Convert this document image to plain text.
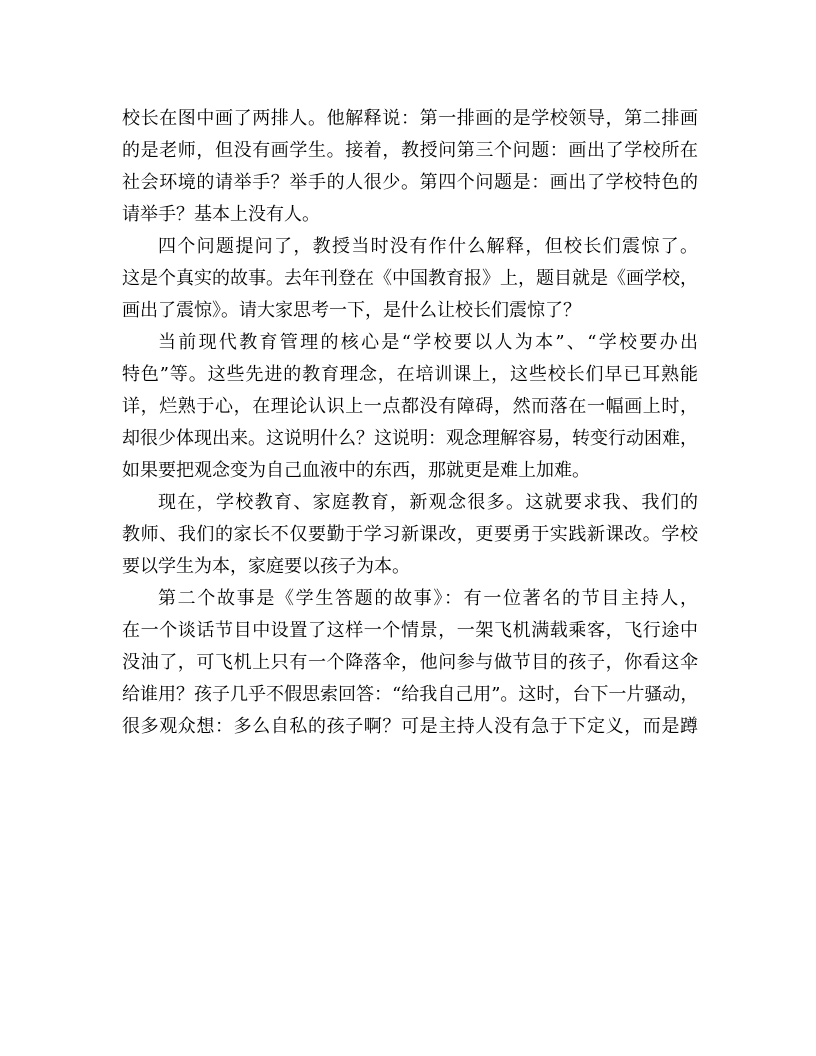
校长在图中画了两排人。他解释说：第一排画的是学校领导，第二排画
的是老师，但没有画学生。接着，教授问第三个问题：画出了学校所在
社会环境的请举手？举手的人很少。第四个问题是：画出了学校特色的
请举手？基本上没有人。
四个问题提问了，教授当时没有作什么解释，但校长们震惊了。
这是个真实的故事。去年刊登在《中国教育报》上，题目就是《画学校，
画出了震惊》。请大家思考一下，是什么让校长们震惊了？
当前现代教育管理的核心是“学校要以人为本”、“学校要办出
特色”等。这些先进的教育理念，在培训课上，这些校长们早已耳熟能
详，烂熟于心，在理论认识上一点都没有障碍，然而落在一幅画上时，
却很少体现出来。这说明什么？这说明：观念理解容易，转变行动困难，
如果要把观念变为自己血液中的东西，那就更是难上加难。
现在，学校教育、家庭教育，新观念很多。这就要求我、我们的
教师、我们的家长不仅要勤于学习新课改，更要勇于实践新课改。学校
要以学生为本，家庭要以孩子为本。
第二个故事是《学生答题的故事》：有一位著名的节目主持人，
在一个谈话节目中设置了这样一个情景，一架飞机满载乘客，飞行途中
没油了，可飞机上只有一个降落伞，他问参与做节目的孩子，你看这伞
给谁用？孩子几乎不假思索回答：“给我自己用”。这时，台下一片骚动，
很多观众想：多么自私的孩子啊？可是主持人没有急于下定义，而是蹲
